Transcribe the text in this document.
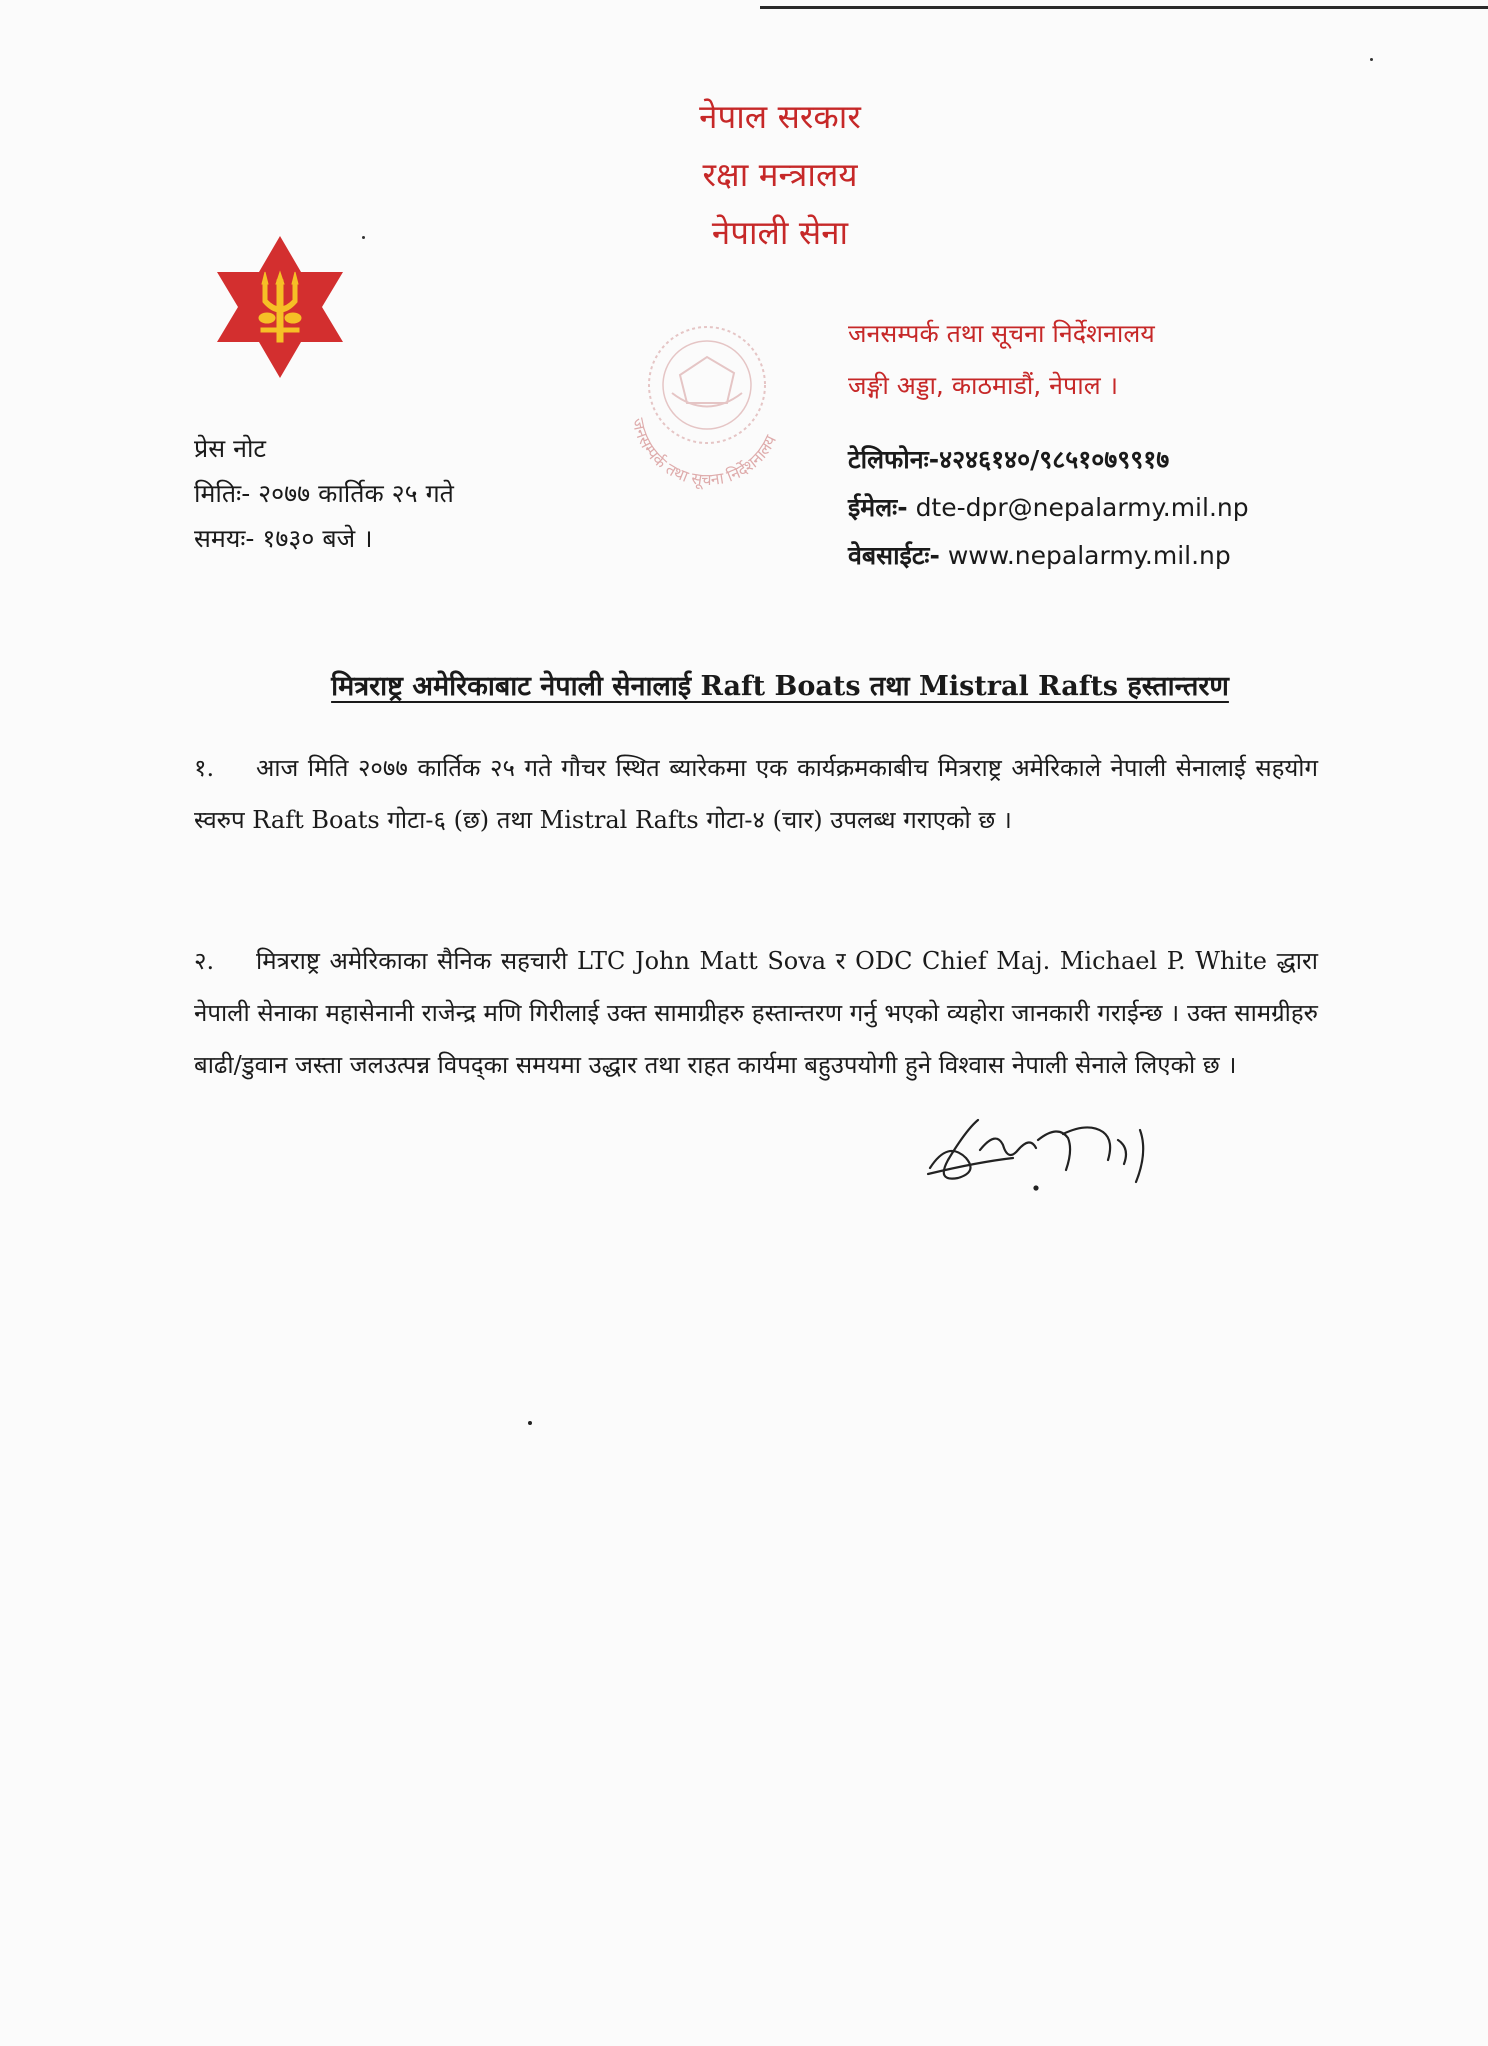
नेपाल सरकार
रक्षा मन्त्रालय
नेपाली सेना
जनसम्पर्क तथा सूचना निर्देशनालय
जनसम्पर्क तथा सूचना निर्देशनालय
जङ्गी अड्डा, काठमाडौं, नेपाल ।
प्रेस नोट
मितिः- २०७७ कार्तिक २५ गते
समयः- १७३० बजे ।
टेलिफोनः-४२४६१४०/९८५१०७९९१७
ईमेलः- dte-dpr@nepalarmy.mil.np
वेबसाईटः- www.nepalarmy.mil.np
मित्रराष्ट्र अमेरिकाबाट नेपाली सेनालाई Raft Boats तथा Mistral Rafts हस्तान्तरण
१. आज मिति २०७७ कार्तिक २५ गते गौचर स्थित ब्यारेकमा एक कार्यक्रमकाबीच मित्रराष्ट्र अमेरिकाले नेपाली सेनालाई सहयोग स्वरुप Raft Boats गोटा-६ (छ) तथा Mistral Rafts गोटा-४ (चार) उपलब्ध गराएको छ ।
२. मित्रराष्ट्र अमेरिकाका सैनिक सहचारी LTC John Matt Sova र ODC Chief Maj. Michael P. White द्धारा नेपाली सेनाका महासेनानी राजेन्द्र मणि गिरीलाई उक्त सामाग्रीहरु हस्तान्तरण गर्नु भएको व्यहोरा जानकारी गराईन्छ । उक्त सामग्रीहरु बाढी/डुवान जस्ता जलउत्पन्न विपद्का समयमा उद्धार तथा राहत कार्यमा बहुउपयोगी हुने विश्वास नेपाली सेनाले लिएको छ ।
